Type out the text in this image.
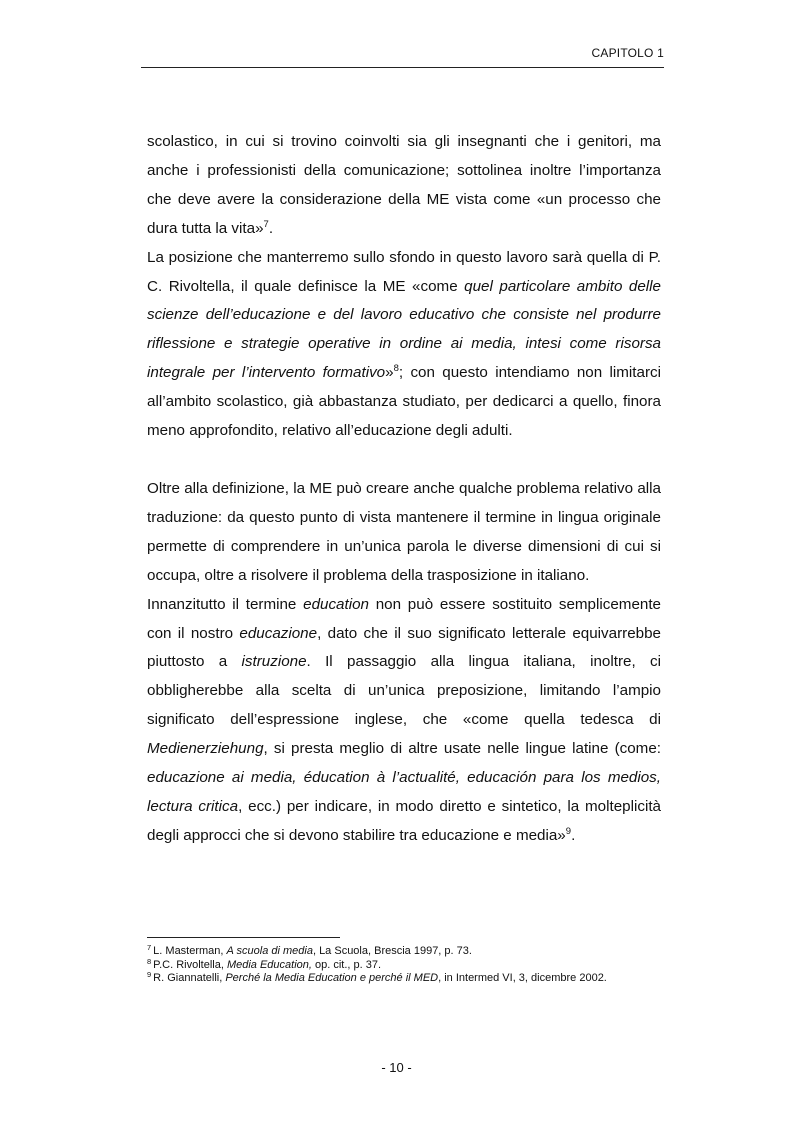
CAPITOLO 1

scolastico, in cui si trovino coinvolti sia gli insegnanti che i genitori, ma anche i professionisti della comunicazione; sottolinea inoltre l’importanza che deve avere la considerazione della ME vista come «un processo che dura tutta la vita»$^7$.

La posizione che manterremo sullo sfondo in questo lavoro sarà quella di P. C. Rivoltella, il quale definisce la ME «come quel particolare ambito delle scienze dell’educazione e del lavoro educativo che consiste nel produrre riflessione e strategie operative in ordine ai media, intesi come risorsa integrale per l’intervento formativo»$^8$; con questo intendiamo non limitarci all’ambito scolastico, già abbastanza studiato, per dedicarci a quello, finora meno approfondito, relativo all’educazione degli adulti.

Oltre alla definizione, la ME può creare anche qualche problema relativo alla traduzione: da questo punto di vista mantenere il termine in lingua originale permette di comprendere in un’unica parola le diverse dimensioni di cui si occupa, oltre a risolvere il problema della trasposizione in italiano.

Innanzitutto il termine education non può essere sostituito semplicemente con il nostro educazione, dato che il suo significato letterale equivarrebbe piuttosto a istruzione. Il passaggio alla lingua italiana, inoltre, ci obbligherebbe alla scelta di un’unica preposizione, limitando l’ampio significato dell’espressione inglese, che «come quella tedesca di Medienerziehung, si presta meglio di altre usate nelle lingue latine (come: educazione ai media, éducation à l’actualité, educación para los medios, lectura critica, ecc.) per indicare, in modo diretto e sintetico, la molteplicità degli approcci che si devono stabilire tra educazione e media»$^9$.

$^7$ L. Masterman, A scuola di media, La Scuola, Brescia 1997, p. 73.

$^8$ P.C. Rivoltella, Media Education, op. cit., p. 37.

$^9$ R. Giannatelli, Perché la Media Education e perché il MED, in Intermed VI, 3, dicembre 2002.

- 10 -
